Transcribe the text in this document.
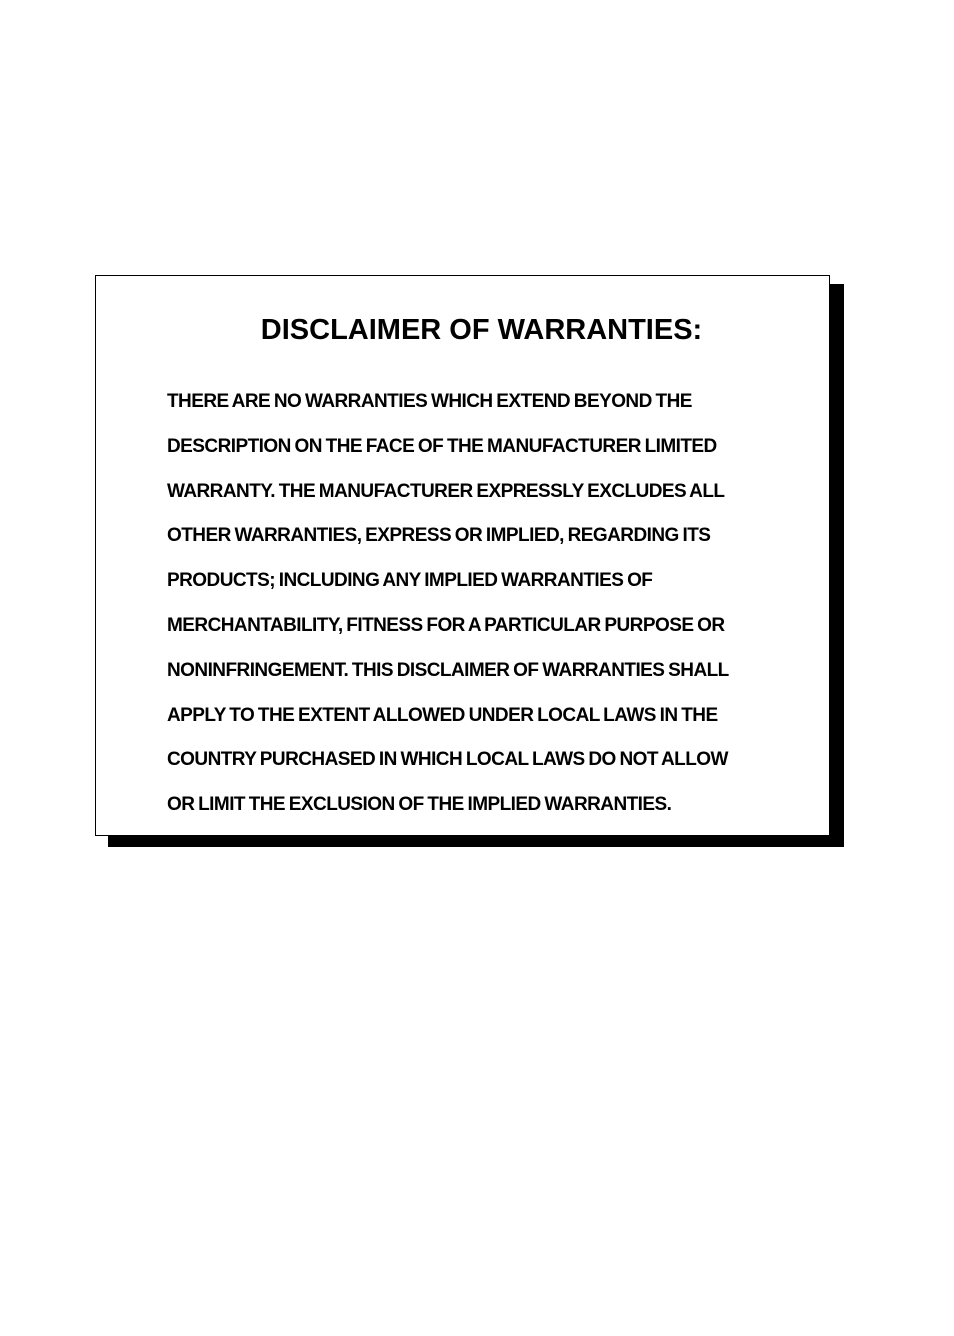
DISCLAIMER OF WARRANTIES:
THERE ARE NO WARRANTIES WHICH EXTEND BEYOND THE
DESCRIPTION ON THE FACE OF THE MANUFACTURER LIMITED
WARRANTY. THE MANUFACTURER EXPRESSLY EXCLUDES ALL
OTHER WARRANTIES, EXPRESS OR IMPLIED, REGARDING ITS
PRODUCTS; INCLUDING ANY IMPLIED WARRANTIES OF
MERCHANTABILITY, FITNESS FOR A PARTICULAR PURPOSE OR
NONINFRINGEMENT. THIS DISCLAIMER OF WARRANTIES SHALL
APPLY TO THE EXTENT ALLOWED UNDER LOCAL LAWS IN THE
COUNTRY PURCHASED IN WHICH LOCAL LAWS DO NOT ALLOW
OR LIMIT THE EXCLUSION OF THE IMPLIED WARRANTIES.
